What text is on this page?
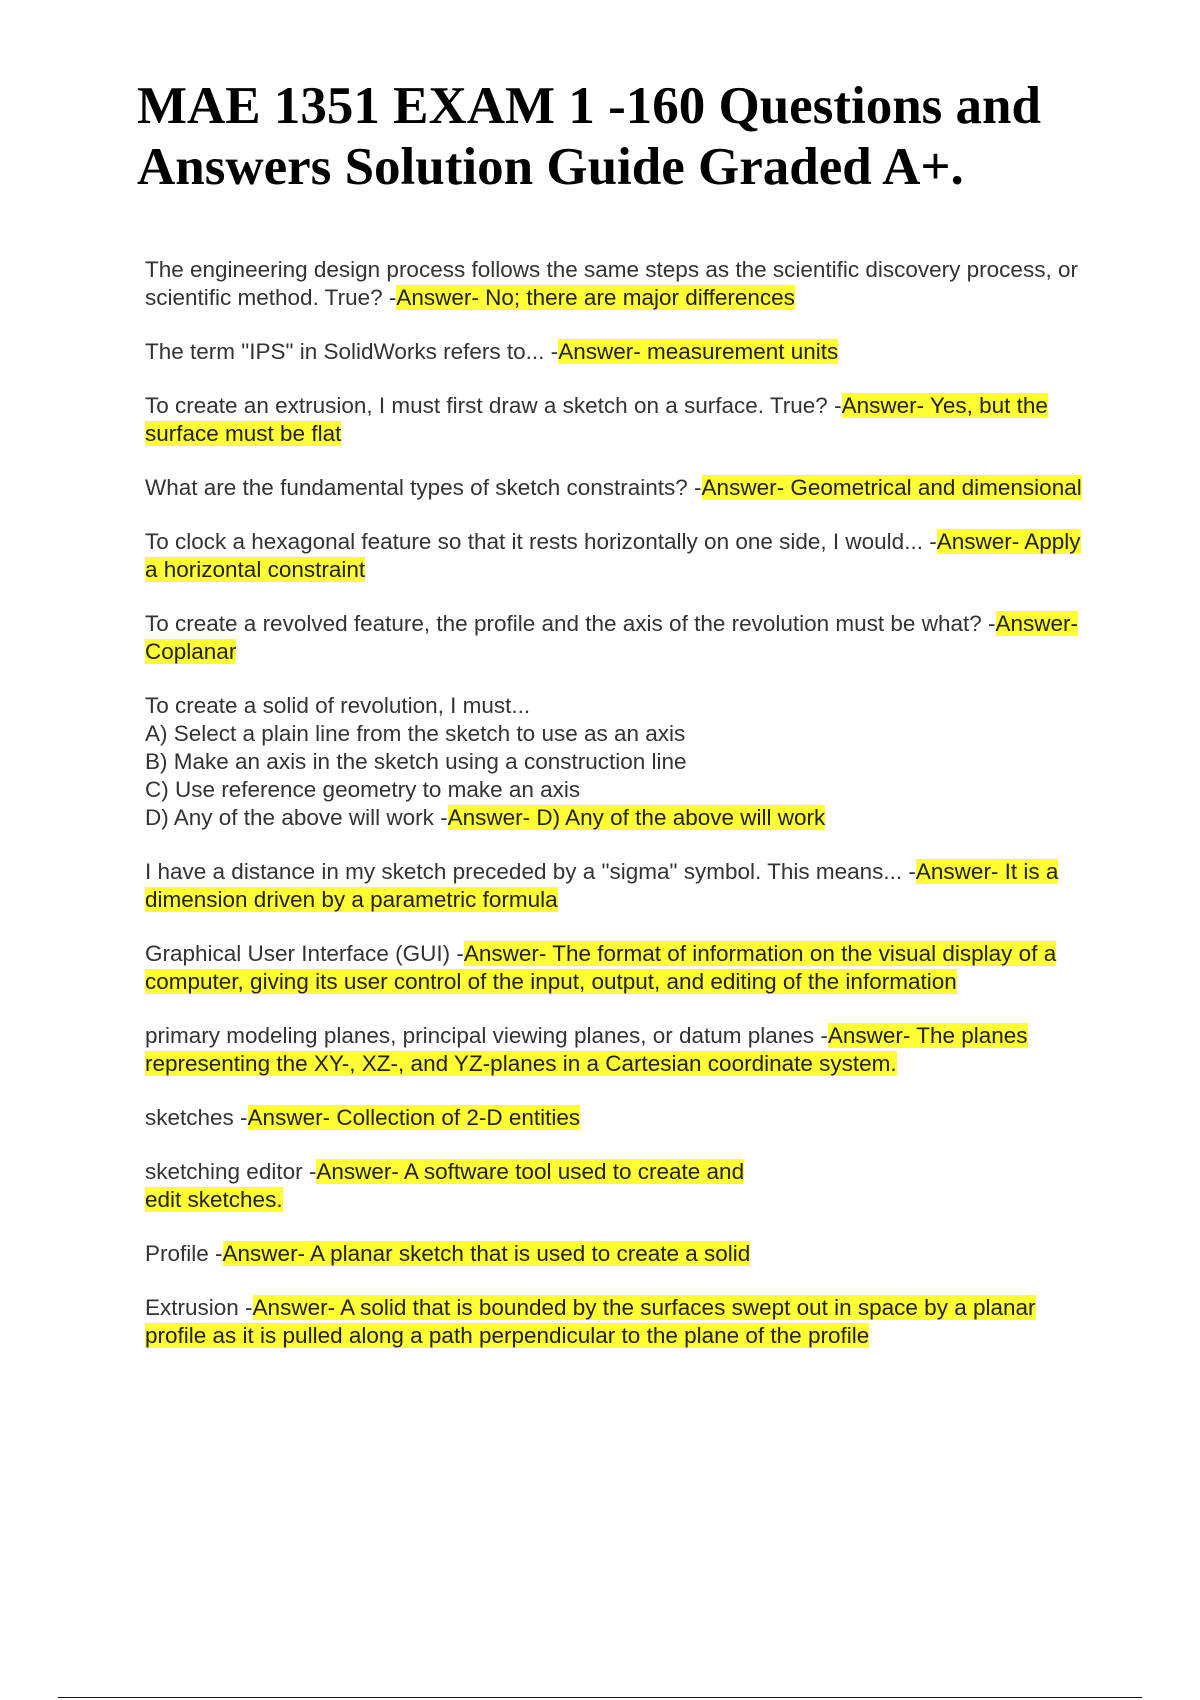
MAE 1351 EXAM 1 -160 Questions and Answers Solution Guide Graded A+.

The engineering design process follows the same steps as the scientific discovery process, or scientific method. True? -Answer- No; there are major differences

The term "IPS" in SolidWorks refers to... -Answer- measurement units

To create an extrusion, I must first draw a sketch on a surface. True? -Answer- Yes, but the surface must be flat

What are the fundamental types of sketch constraints? -Answer- Geometrical and dimensional

To clock a hexagonal feature so that it rests horizontally on one side, I would... -Answer- Apply a horizontal constraint

To create a revolved feature, the profile and the axis of the revolution must be what? -Answer- Coplanar

To create a solid of revolution, I must...
A) Select a plain line from the sketch to use as an axis
B) Make an axis in the sketch using a construction line
C) Use reference geometry to make an axis
D) Any of the above will work -Answer- D) Any of the above will work

I have a distance in my sketch preceded by a "sigma" symbol. This means... -Answer- It is a dimension driven by a parametric formula

Graphical User Interface (GUI) -Answer- The format of information on the visual display of a computer, giving its user control of the input, output, and editing of the information

primary modeling planes, principal viewing planes, or datum planes -Answer- The planes representing the XY-, XZ-, and YZ-planes in a Cartesian coordinate system.

sketches -Answer- Collection of 2-D entities

sketching editor -Answer- A software tool used to create and
edit sketches.

Profile -Answer- A planar sketch that is used to create a solid

Extrusion -Answer- A solid that is bounded by the surfaces swept out in space by a planar profile as it is pulled along a path perpendicular to the plane of the profile
